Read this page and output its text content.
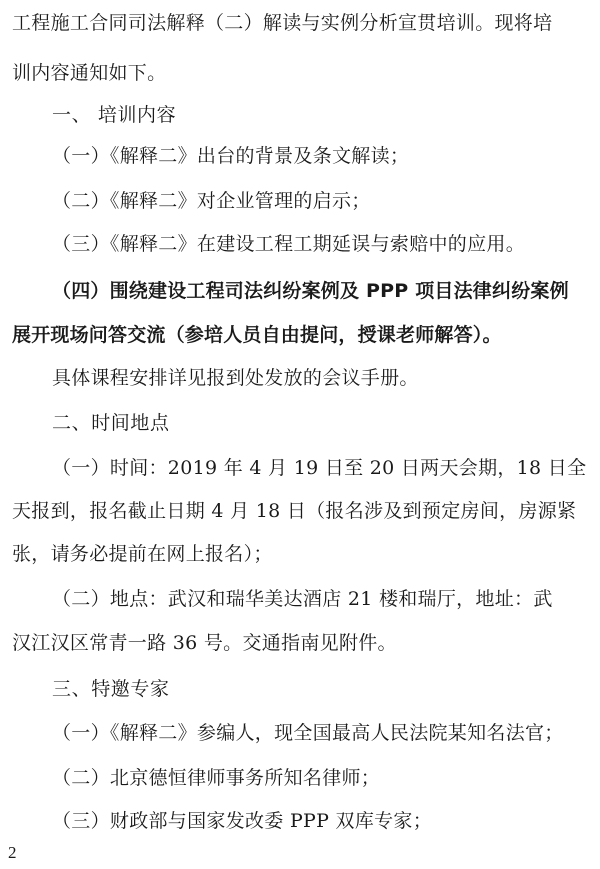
工程施工合同司法解释（二）解读与实例分析宣贯培训。现将培
训内容通知如下。
一、 培训内容
（一）《解释二》出台的背景及条文解读；
（二）《解释二》对企业管理的启示；
（三）《解释二》在建设工程工期延误与索赔中的应用。
（四）围绕建设工程司法纠纷案例及 PPP 项目法律纠纷案例
展开现场问答交流（参培人员自由提问，授课老师解答）。
具体课程安排详见报到处发放的会议手册。
二、时间地点
（一）时间：2019 年 4 月 19 日至 20 日两天会期，18 日全
天报到，报名截止日期 4 月 18 日（报名涉及到预定房间，房源紧
张，请务必提前在网上报名）；
（二）地点：武汉和瑞华美达酒店 21 楼和瑞厅，地址：武
汉江汉区常青一路 36 号。交通指南见附件。
三、特邀专家
（一）《解释二》参编人，现全国最高人民法院某知名法官；
（二）北京德恒律师事务所知名律师；
（三）财政部与国家发改委 PPP 双库专家；
2
